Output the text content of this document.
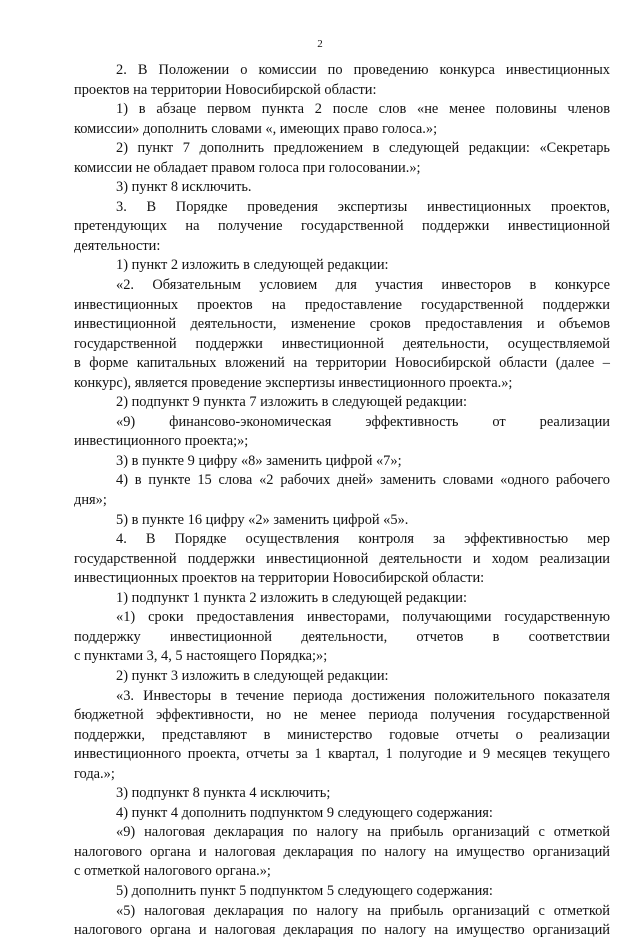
2
2. В Положении о комиссии по проведению конкурса инвестиционных
проектов на территории Новосибирской области:
1) в абзаце первом пункта 2 после слов «не менее половины членов
комиссии» дополнить словами «, имеющих право голоса.»;
2) пункт 7 дополнить предложением в следующей редакции: «Секретарь
комиссии не обладает правом голоса при голосовании.»;
3) пункт 8 исключить.
3. В Порядке проведения экспертизы инвестиционных проектов,
претендующих на получение государственной поддержки инвестиционной
деятельности:
1) пункт 2 изложить в следующей редакции:
«2. Обязательным условием для участия инвесторов в конкурсе
инвестиционных проектов на предоставление государственной поддержки
инвестиционной деятельности, изменение сроков предоставления и объемов
государственной поддержки инвестиционной деятельности, осуществляемой
в форме капитальных вложений на территории Новосибирской области (далее –
конкурс), является проведение экспертизы инвестиционного проекта.»;
2) подпункт 9 пункта 7 изложить в следующей редакции:
«9) финансово-экономическая эффективность от реализации
инвестиционного проекта;»;
3) в пункте 9 цифру «8» заменить цифрой «7»;
4) в пункте 15 слова «2 рабочих дней» заменить словами «одного рабочего
дня»;
5) в пункте 16 цифру «2» заменить цифрой «5».
4. В Порядке осуществления контроля за эффективностью мер
государственной поддержки инвестиционной деятельности и ходом реализации
инвестиционных проектов на территории Новосибирской области:
1) подпункт 1 пункта 2 изложить в следующей редакции:
«1) сроки предоставления инвесторами, получающими государственную
поддержку инвестиционной деятельности, отчетов в соответствии
с пунктами 3, 4, 5 настоящего Порядка;»;
2) пункт 3 изложить в следующей редакции:
«3. Инвесторы в течение периода достижения положительного показателя
бюджетной эффективности, но не менее периода получения государственной
поддержки, представляют в министерство годовые отчеты о реализации
инвестиционного проекта, отчеты за 1 квартал, 1 полугодие и 9 месяцев текущего
года.»;
3) подпункт 8 пункта 4 исключить;
4) пункт 4 дополнить подпунктом 9 следующего содержания:
«9) налоговая декларация по налогу на прибыль организаций с отметкой
налогового органа и налоговая декларация по налогу на имущество организаций
с отметкой налогового органа.»;
5) дополнить пункт 5 подпунктом 5 следующего содержания:
«5) налоговая декларация по налогу на прибыль организаций с отметкой
налогового органа и налоговая декларация по налогу на имущество организаций
